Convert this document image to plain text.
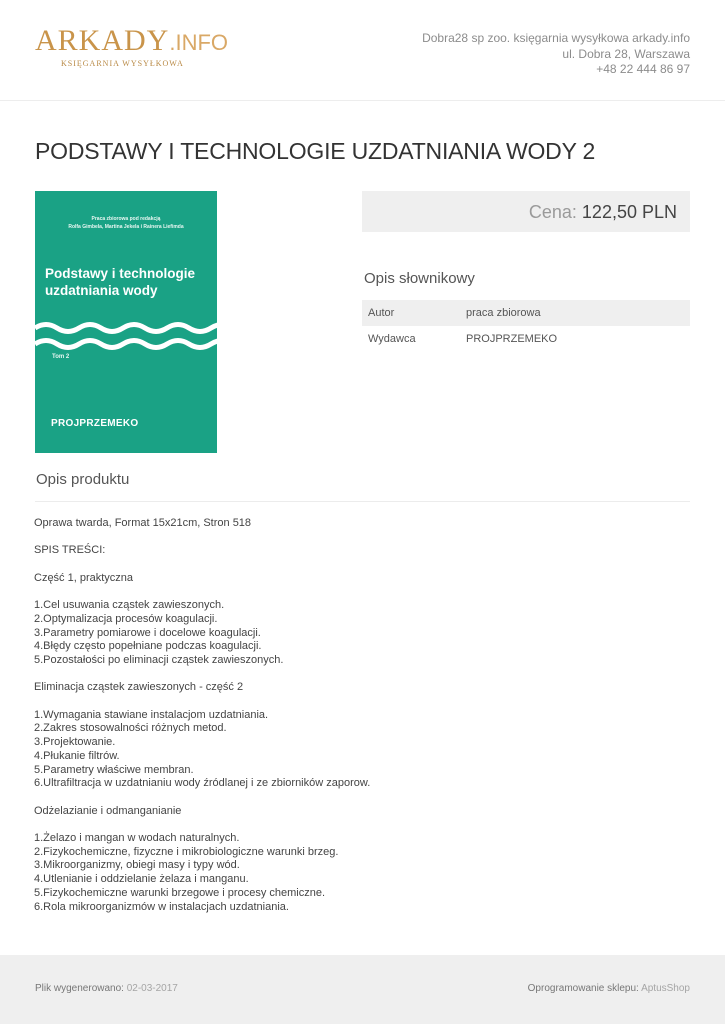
ARKADY.INFO
KSIĘGARNIA WYSYŁKOWA
Dobra28 sp zoo. księgarnia wysyłkowa arkady.info
ul. Dobra 28, Warszawa
+48 22 444 86 97
PODSTAWY I TECHNOLOGIE UZDATNIANIA WODY 2
Praca zbiorowa pod redakcją
Rolfa Gimbela, Martina Jekela i Rainera Liefimda
Podstawy i technologie
uzdatniania wody
Tom 2
PROJPRZEMEKO
Cena: 122,50 PLN
Opis słownikowy
Autor	praca zbiorowa
Wydawca	PROJPRZEMEKO
Opis produktu

Oprawa twarda, Format 15x21cm, Stron 518

SPIS TREŚCI:

Część 1, praktyczna

1.Cel usuwania cząstek zawieszonych.

2.Optymalizacja procesów koagulacji.

3.Parametry pomiarowe i docelowe koagulacji.

4.Błędy często popełniane podczas koagulacji.

5.Pozostałości po eliminacji cząstek zawieszonych.

Eliminacja cząstek zawieszonych - część 2

1.Wymagania stawiane instalacjom uzdatniania.

2.Zakres stosowalności różnych metod.

3.Projektowanie.

4.Płukanie filtrów.

5.Parametry właściwe membran.

6.Ultrafiltracja w uzdatnianiu wody źródlanej i ze zbiorników zaporow.

Odżelazianie i odmanganianie

1.Żelazo i mangan w wodach naturalnych.

2.Fizykochemiczne, fizyczne i mikrobiologiczne warunki brzeg.

3.Mikroorganizmy, obiegi masy i typy wód.

4.Utlenianie i oddzielanie żelaza i manganu.

5.Fizykochemiczne warunki brzegowe i procesy chemiczne.

6.Rola mikroorganizmów w instalacjach uzdatniania.

Plik wygenerowano: 02-03-2017	Oprogramowanie sklepu: AptusShop
